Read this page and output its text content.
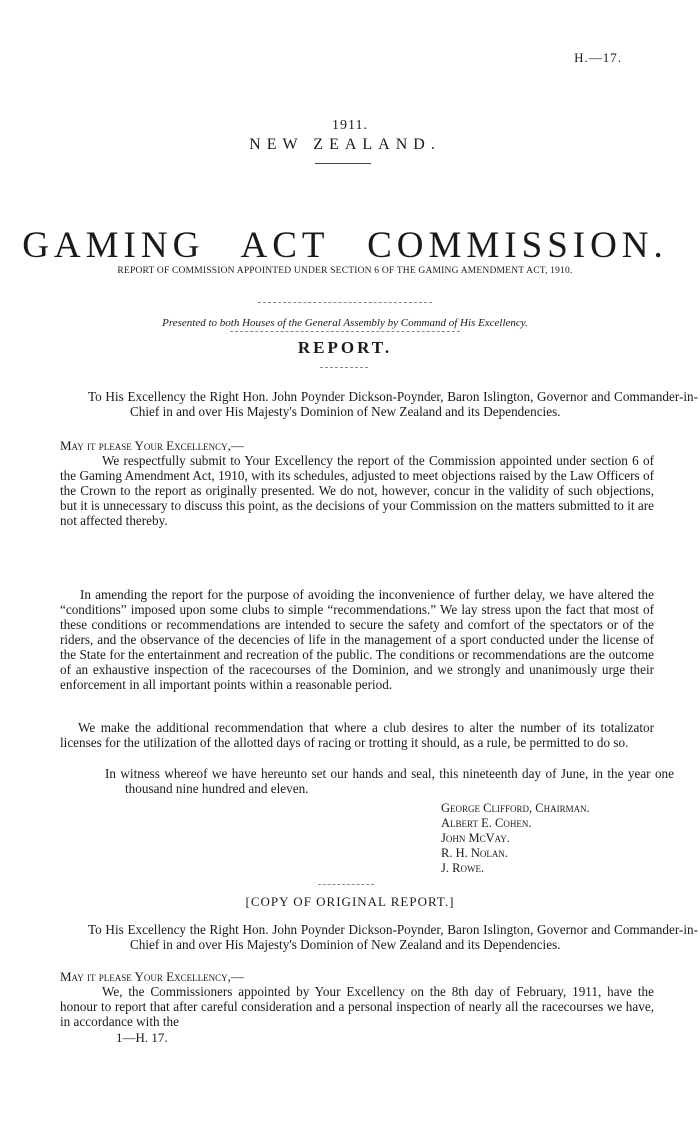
H.—17.
1911.
NEW ZEALAND.
GAMING ACT COMMISSION.
REPORT OF COMMISSION APPOINTED UNDER SECTION 6 OF THE GAMING AMENDMENT ACT, 1910.
Presented to both Houses of the General Assembly by Command of His Excellency.
REPORT.
To His Excellency the Right Hon. John Poynder Dickson-Poynder, Baron Islington, Governor and Commander-in-Chief in and over His Majesty's Dominion of New Zealand and its Dependencies.
May it please Your Excellency,—
We respectfully submit to Your Excellency the report of the Commission appointed under section 6 of the Gaming Amendment Act, 1910, with its schedules, adjusted to meet objections raised by the Law Officers of the Crown to the report as originally presented. We do not, however, concur in the validity of such objections, but it is unnecessary to discuss this point, as the decisions of your Commission on the matters submitted to it are not affected thereby.
In amending the report for the purpose of avoiding the inconvenience of further delay, we have altered the “conditions” imposed upon some clubs to simple “recommendations.” We lay stress upon the fact that most of these conditions or recommendations are intended to secure the safety and comfort of the spectators or of the riders, and the observance of the decencies of life in the management of a sport conducted under the license of the State for the entertainment and recreation of the public. The conditions or recommendations are the outcome of an exhaustive inspection of the racecourses of the Dominion, and we strongly and unanimously urge their enforcement in all important points within a reasonable period.
We make the additional recommendation that where a club desires to alter the number of its totalizator licenses for the utilization of the allotted days of racing or trotting it should, as a rule, be permitted to do so.
In witness whereof we have hereunto set our hands and seal, this nineteenth day of June, in the year one thousand nine hundred and eleven.
George Clifford, Chairman.
Albert E. Cohen.
John McVay.
R. H. Nolan.
J. Rowe.
[COPY OF ORIGINAL REPORT.]
To His Excellency the Right Hon. John Poynder Dickson-Poynder, Baron Islington, Governor and Commander-in-Chief in and over His Majesty's Dominion of New Zealand and its Dependencies.
May it please Your Excellency,—
We, the Commissioners appointed by Your Excellency on the 8th day of February, 1911, have the honour to report that after careful consideration and a personal inspection of nearly all the racecourses we have, in accordance with the
1—H. 17.
